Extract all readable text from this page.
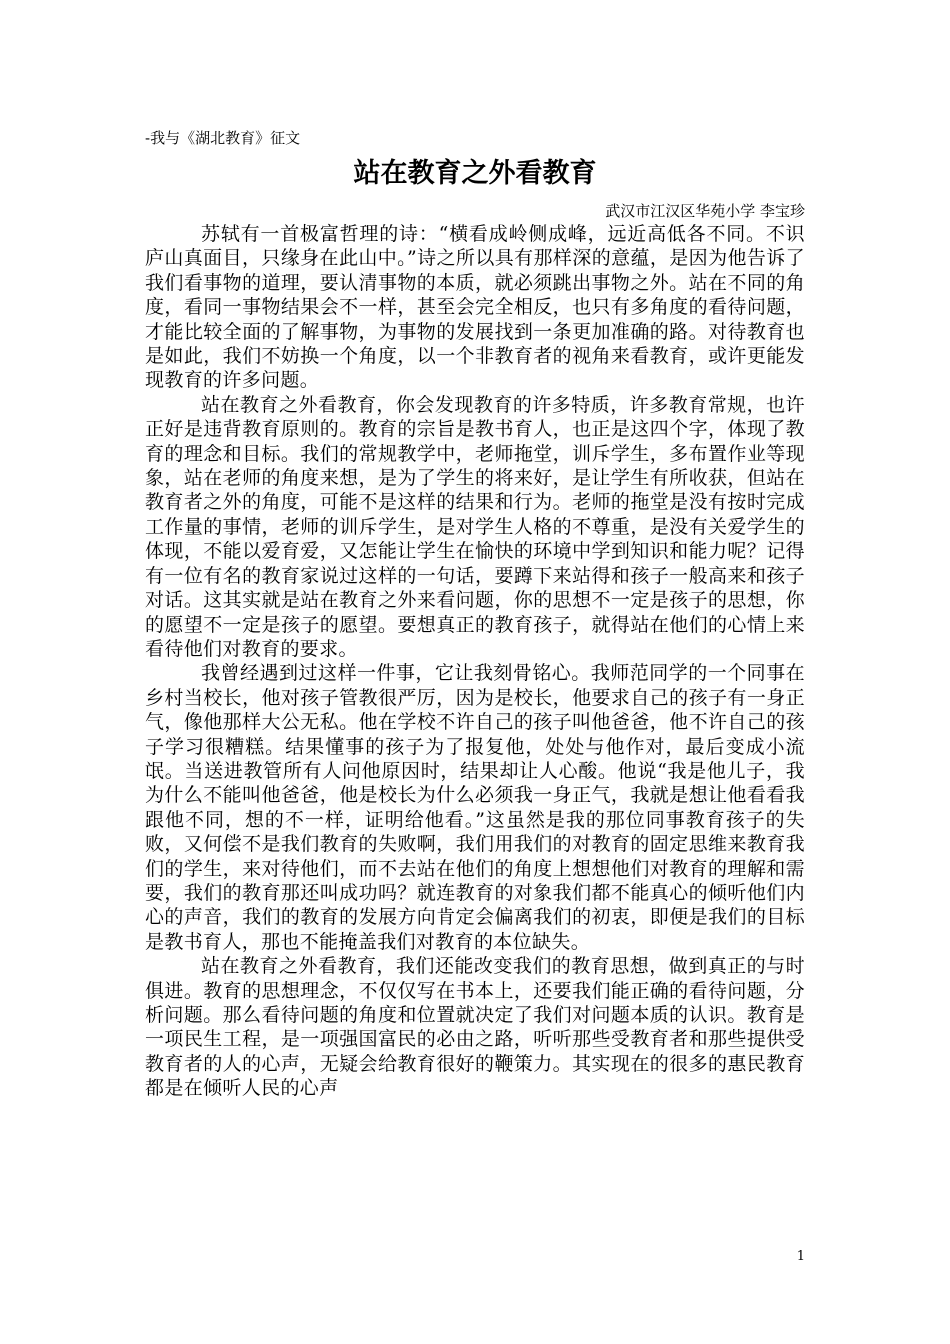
-我与《湖北教育》征文
站在教育之外看教育
武汉市江汉区华苑小学 李宝珍

苏轼有一首极富哲理的诗：“横看成岭侧成峰，远近高低各不同。不识庐山真面目，只缘身在此山中。”诗之所以具有那样深的意蕴，是因为他告诉了我们看事物的道理，要认清事物的本质，就必须跳出事物之外。站在不同的角度，看同一事物结果会不一样，甚至会完全相反，也只有多角度的看待问题，才能比较全面的了解事物，为事物的发展找到一条更加准确的路。对待教育也是如此，我们不妨换一个角度，以一个非教育者的视角来看教育，或许更能发现教育的许多问题。

站在教育之外看教育，你会发现教育的许多特质，许多教育常规，也许正好是违背教育原则的。教育的宗旨是教书育人，也正是这四个字，体现了教育的理念和目标。我们的常规教学中，老师拖堂，训斥学生，多布置作业等现象，站在老师的角度来想，是为了学生的将来好，是让学生有所收获，但站在教育者之外的角度，可能不是这样的结果和行为。老师的拖堂是没有按时完成工作量的事情，老师的训斥学生，是对学生人格的不尊重，是没有关爱学生的体现，不能以爱育爱，又怎能让学生在愉快的环境中学到知识和能力呢？记得有一位有名的教育家说过这样的一句话，要蹲下来站得和孩子一般高来和孩子对话。这其实就是站在教育之外来看问题，你的思想不一定是孩子的思想，你的愿望不一定是孩子的愿望。要想真正的教育孩子，就得站在他们的心情上来看待他们对教育的要求。

我曾经遇到过这样一件事，它让我刻骨铭心。我师范同学的一个同事在乡村当校长，他对孩子管教很严厉，因为是校长，他要求自己的孩子有一身正气，像他那样大公无私。他在学校不许自己的孩子叫他爸爸，他不许自己的孩子学习很糟糕。结果懂事的孩子为了报复他，处处与他作对，最后变成小流氓。当送进教管所有人问他原因时，结果却让人心酸。他说“我是他儿子，我为什么不能叫他爸爸，他是校长为什么必须我一身正气，我就是想让他看看我跟他不同，想的不一样，证明给他看。”这虽然是我的那位同事教育孩子的失败，又何偿不是我们教育的失败啊，我们用我们的对教育的固定思维来教育我们的学生，来对待他们，而不去站在他们的角度上想想他们对教育的理解和需要，我们的教育那还叫成功吗？就连教育的对象我们都不能真心的倾听他们内心的声音，我们的教育的发展方向肯定会偏离我们的初衷，即便是我们的目标是教书育人，那也不能掩盖我们对教育的本位缺失。

站在教育之外看教育，我们还能改变我们的教育思想，做到真正的与时俱进。教育的思想理念，不仅仅写在书本上，还要我们能正确的看待问题，分析问题。那么看待问题的角度和位置就决定了我们对问题本质的认识。教育是一项民生工程，是一项强国富民的必由之路，听听那些受教育者和那些提供受教育者的人的心声，无疑会给教育很好的鞭策力。其实现在的很多的惠民教育都是在倾听人民的心声

1
